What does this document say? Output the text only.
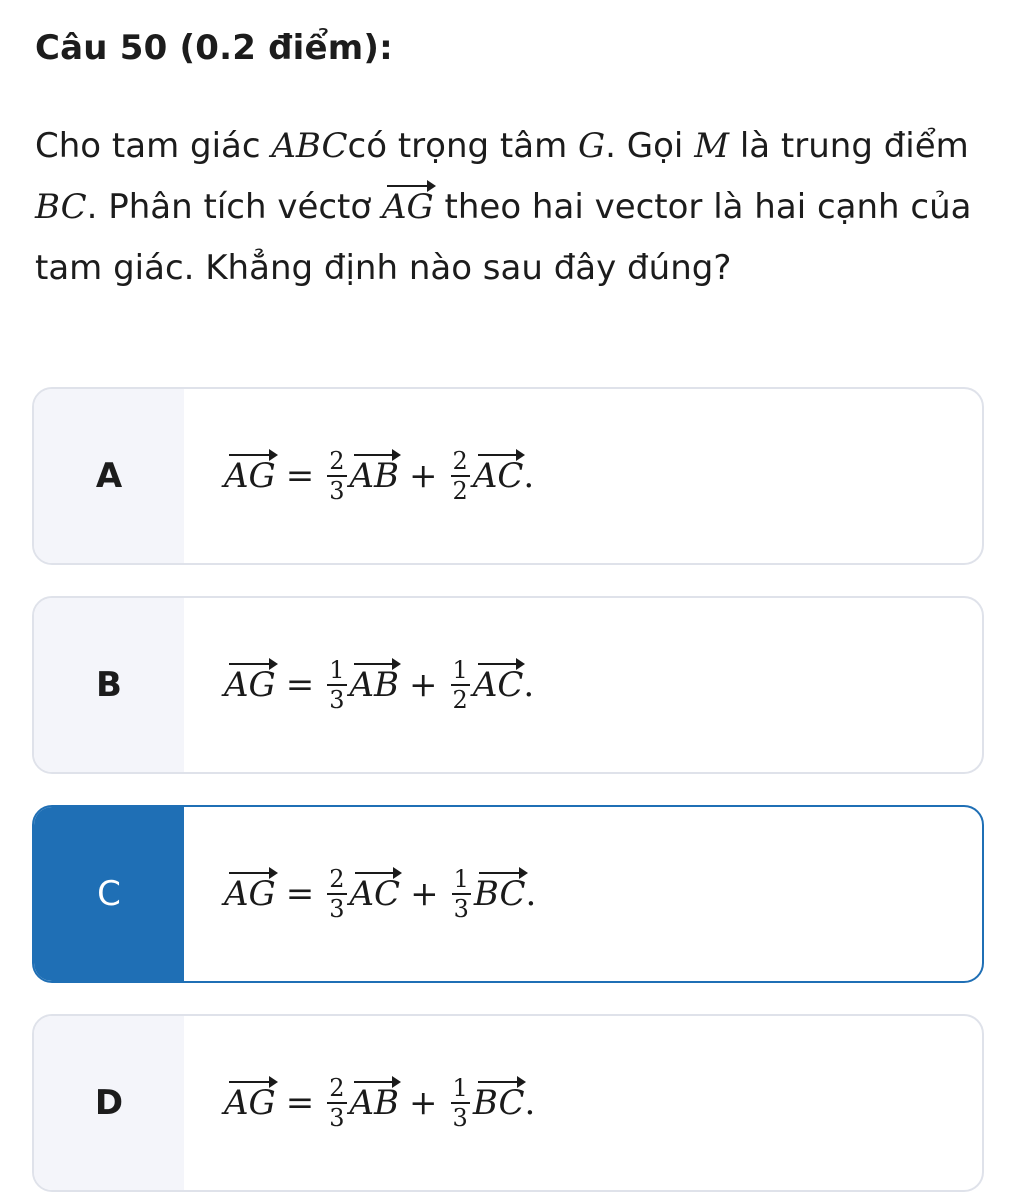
Câu 50 (0.2 điểm):
Cho tam giác ABCcó trọng tâm G. Gọi M là trung điểm BC. Phân tích véctơ AG theo hai vector là hai cạnh của tam giác. Khẳng định nào sau đây đúng?
A	AG = $\frac{2}{3}$ AB + $\frac{2}{2}$ AC .
B	AG = $\frac{1}{3}$ AB + $\frac{1}{2}$ AC .
C	AG = $\frac{2}{3}$ AC + $\frac{1}{3}$ BC .
D	AG = $\frac{2}{3}$ AB + $\frac{1}{3}$ BC .
